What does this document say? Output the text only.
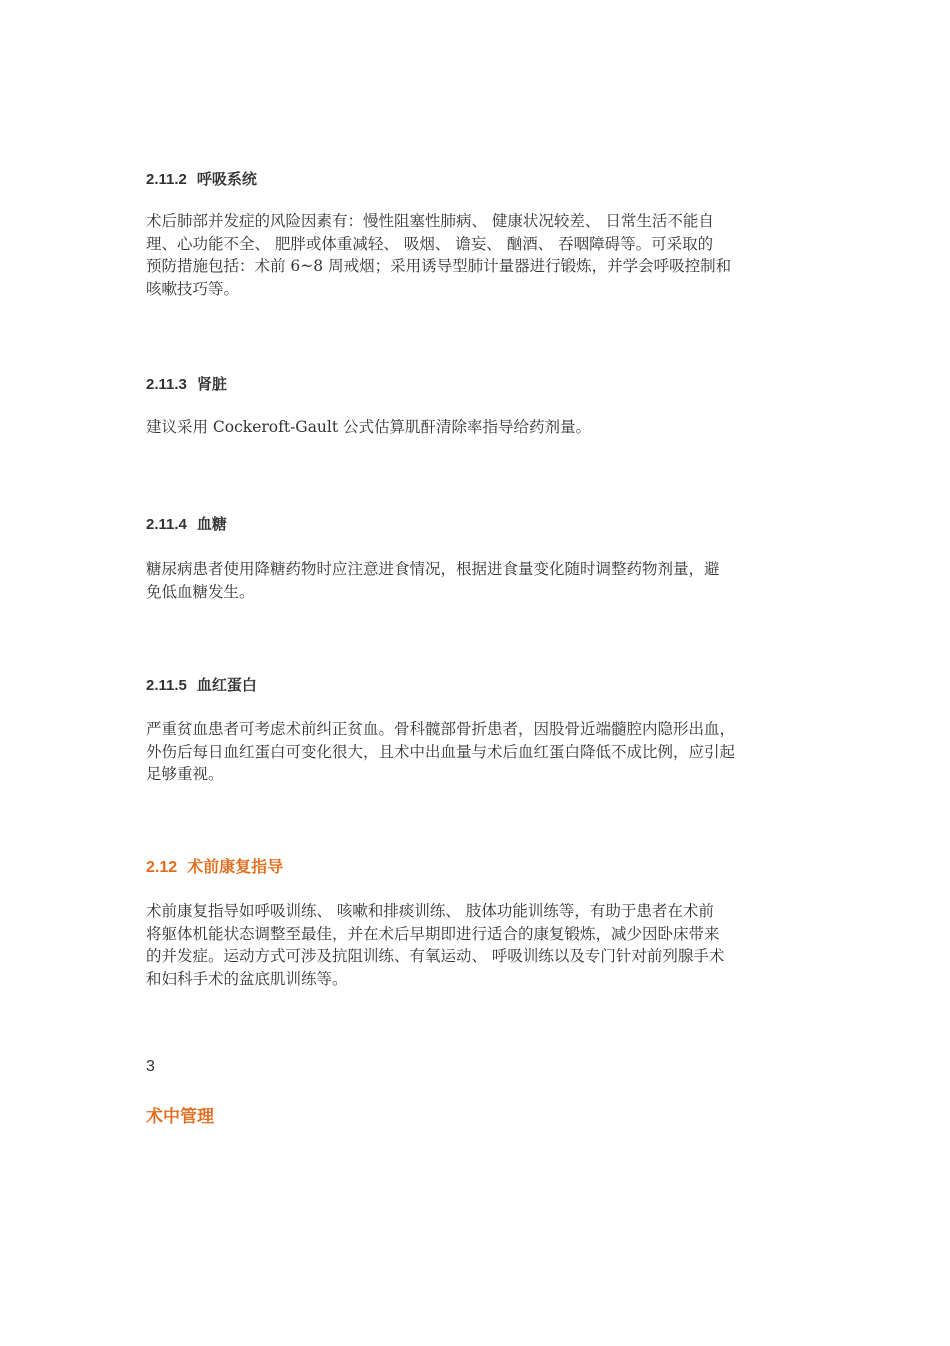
2.11.2 呼吸系统
术后肺部并发症的风险因素有：慢性阻塞性肺病、 健康状况较差、 日常生活不能自
理、心功能不全、 肥胖或体重减轻、 吸烟、 谵妄、 酗酒、 吞咽障碍等。可采取的
预防措施包括：术前 6~8 周戒烟；采用诱导型肺计量器进行锻炼，并学会呼吸控制和
咳嗽技巧等。
2.11.3 肾脏
建议采用 Cockeroft-Gault 公式估算肌酐清除率指导给药剂量。
2.11.4 血糖
糖尿病患者使用降糖药物时应注意进食情况，根据进食量变化随时调整药物剂量，避
免低血糖发生。
2.11.5 血红蛋白
严重贫血患者可考虑术前纠正贫血。骨科髋部骨折患者，因股骨近端髓腔内隐形出血，
外伤后每日血红蛋白可变化很大，且术中出血量与术后血红蛋白降低不成比例，应引起
足够重视。
2.12 术前康复指导
术前康复指导如呼吸训练、 咳嗽和排痰训练、 肢体功能训练等，有助于患者在术前
将躯体机能状态调整至最佳，并在术后早期即进行适合的康复锻炼，减少因卧床带来
的并发症。运动方式可涉及抗阻训练、有氧运动、 呼吸训练以及专门针对前列腺手术
和妇科手术的盆底肌训练等。
3
术中管理
